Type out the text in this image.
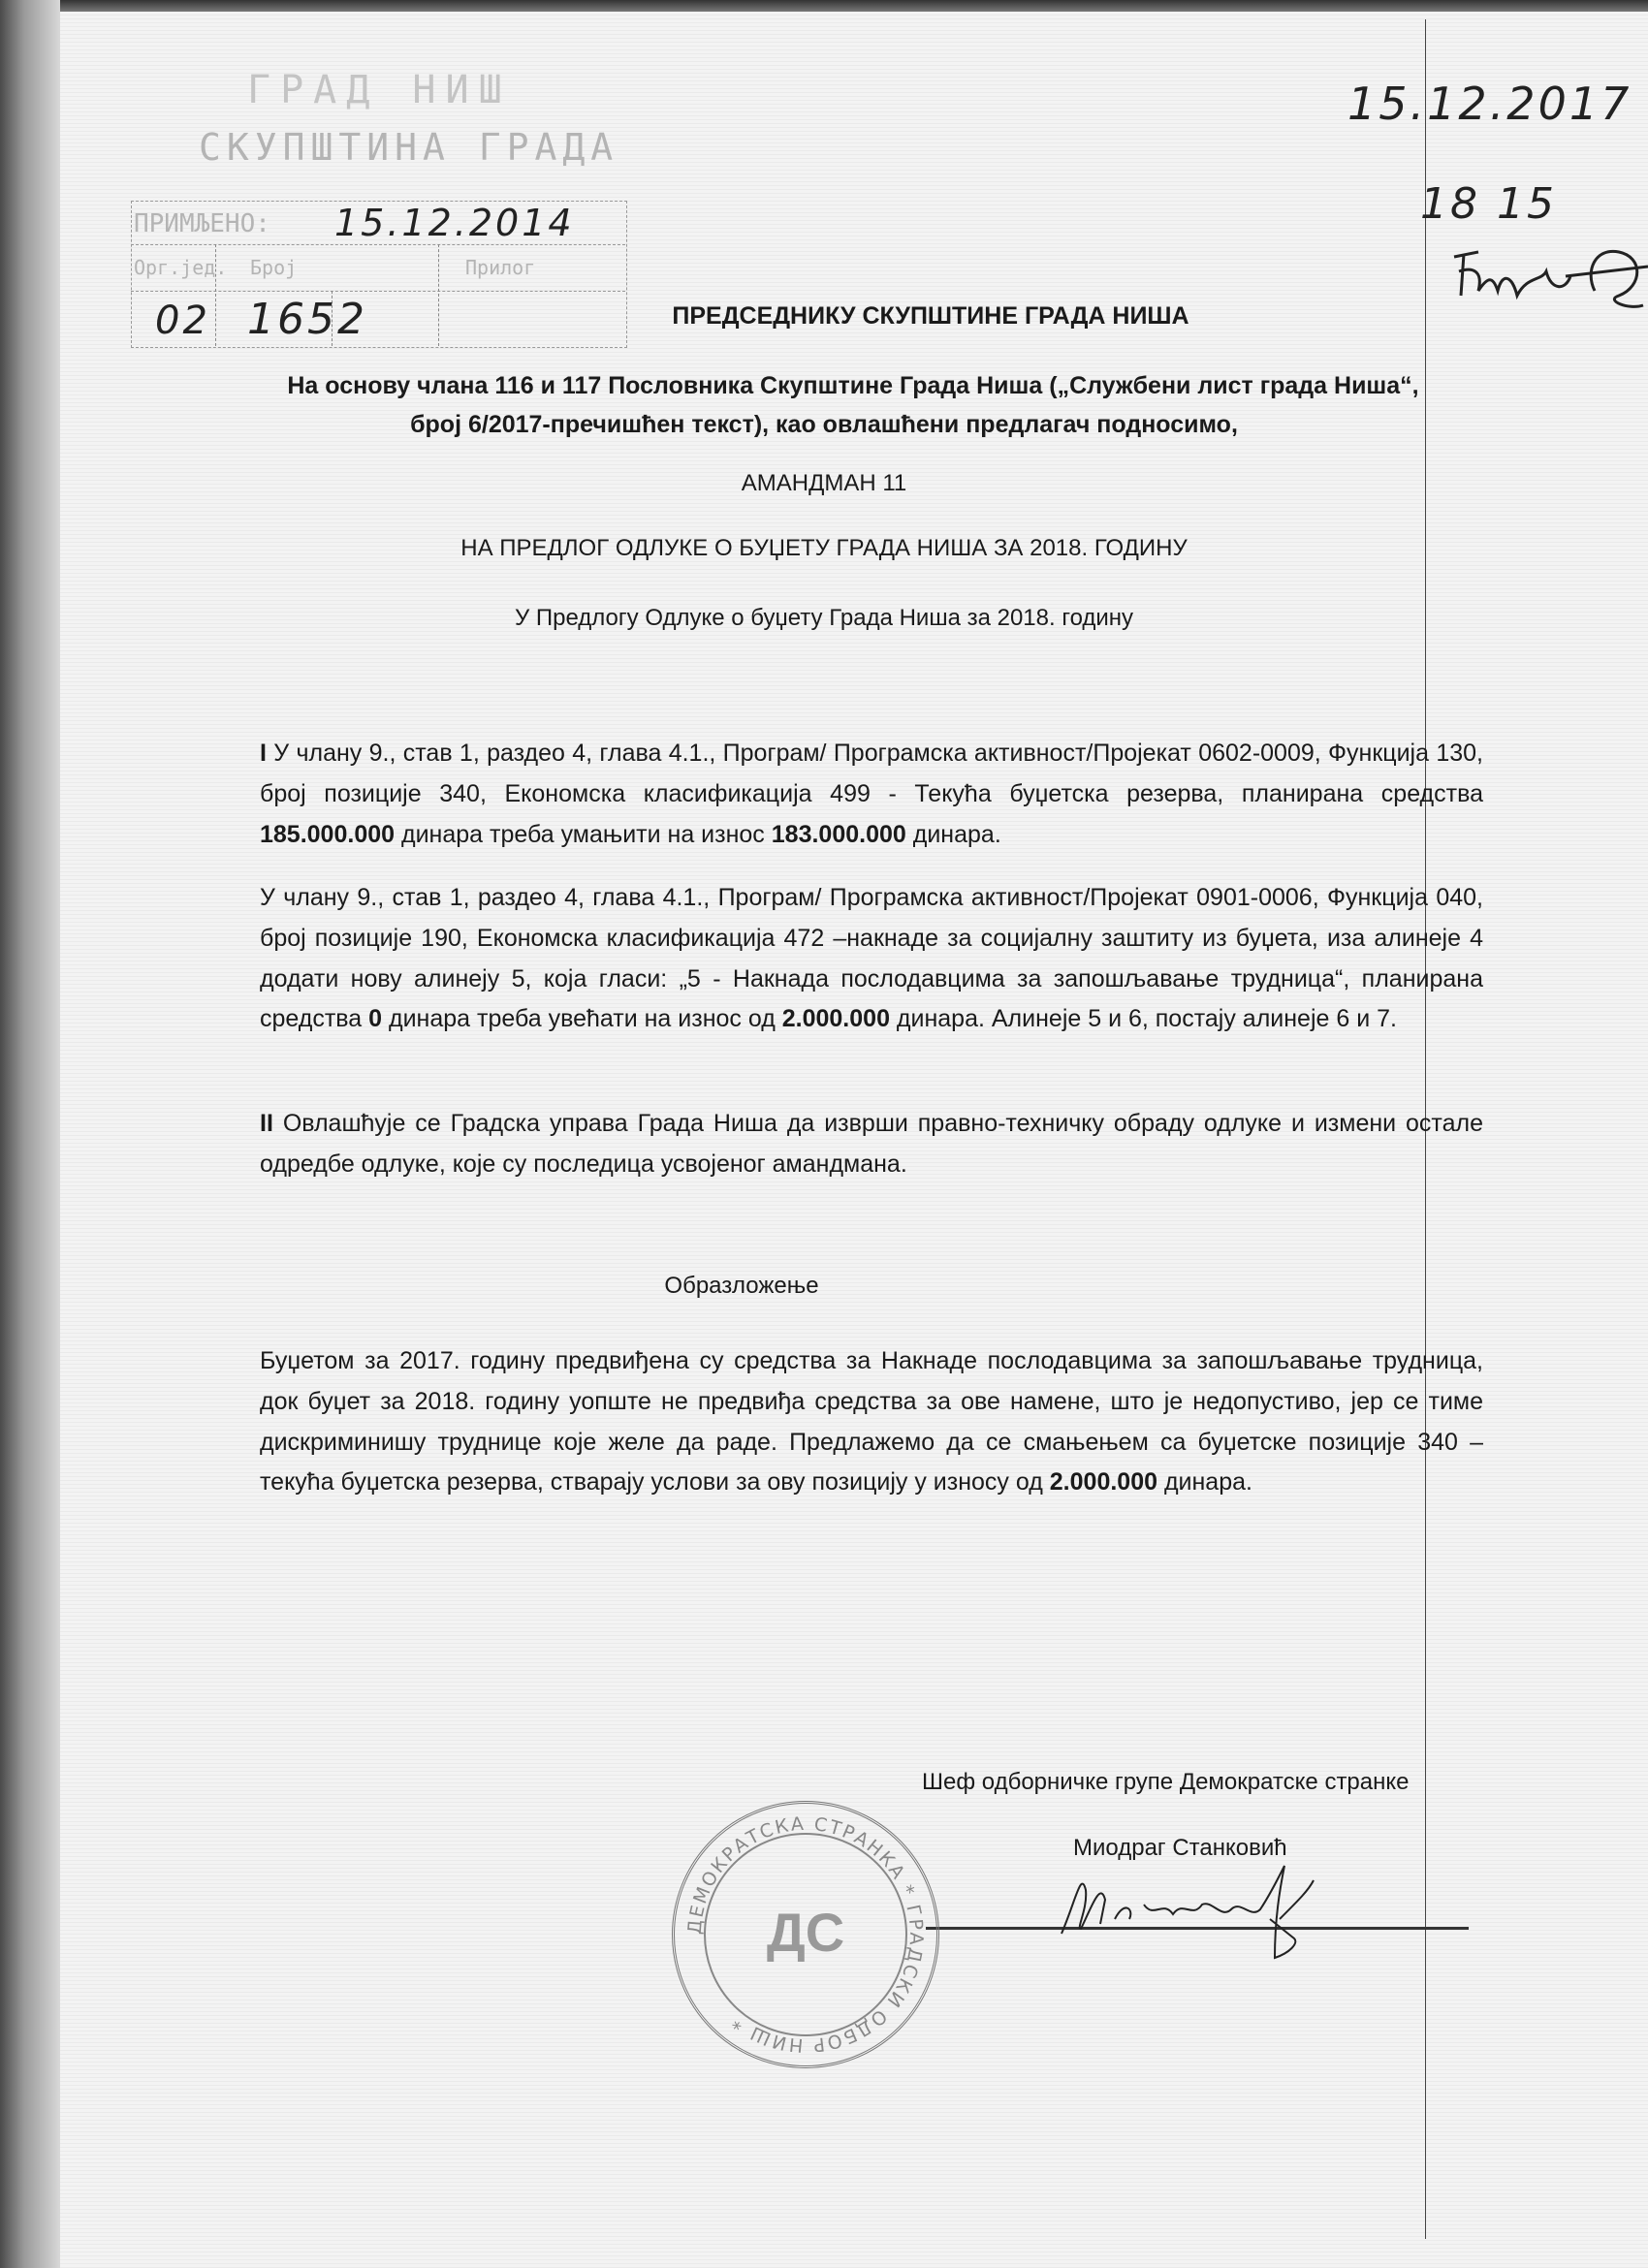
ГРАД НИШ
СКУПШТИНА ГРАДА
ПРИМЉЕНО: 15.12.2014
Орг.јед. Број	Прилог
02 1652
15.12.2017
18 15
ПРЕДСЕДНИКУ СКУПШТИНЕ ГРАДА НИША
На основу члана 116 и 117 Пословника Скупштине Града Ниша („Службени лист града Ниша“,
број 6/2017-пречишћен текст), као овлашћени предлагач подносимо,
АМАНДМАН 11
НА ПРЕДЛОГ ОДЛУКЕ О БУЏЕТУ ГРАДА НИША ЗА 2018. ГОДИНУ
У Предлогу Одлуке о буџету Града Ниша за 2018. годину
I У члану 9., став 1, раздео 4, глава 4.1., Програм/ Програмска активност/Пројекат 0602-0009, Функција 130, број позиције 340, Економска класификација 499 - Текућа буџетска резерва, планирана средства 185.000.000 динара треба умањити на износ 183.000.000 динара.
У члану 9., став 1, раздео 4, глава 4.1., Програм/ Програмска активност/Пројекат 0901-0006, Функција 040, број позиције 190, Економска класификација 472 –накнаде за социјалну заштиту из буџета, иза алинеје 4 додати нову алинеју 5, која гласи: „5 - Накнада послодавцима за запошљавање трудница“, планирана средства 0 динара треба увећати на износ од 2.000.000 динара. Алинеје 5 и 6, постају алинеје 6 и 7.
II Овлашћује се Градска управа Града Ниша да изврши правно-техничку обраду одлуке и измени остале одредбе одлуке, које су последица усвојеног амандмана.
Образложење
Буџетом за 2017. годину предвиђена су средства за Накнаде послодавцима за запошљавање трудница, док буџет за 2018. годину уопште не предвиђа средства за ове намене, што је недопустиво, јер се тиме дискриминишу труднице које желе да раде. Предлажемо да се смањењем са буџетске позиције 340 – текућа буџетска резерва, стварају услови за ову позицију у износу од 2.000.000 динара.
Шеф одборничке групе Демократске странке
Миодраг Станковић
ДЕМОКРАТСКА СТРАНКА * ГРАДСКИ ОДБОР НИШ *
ДС
